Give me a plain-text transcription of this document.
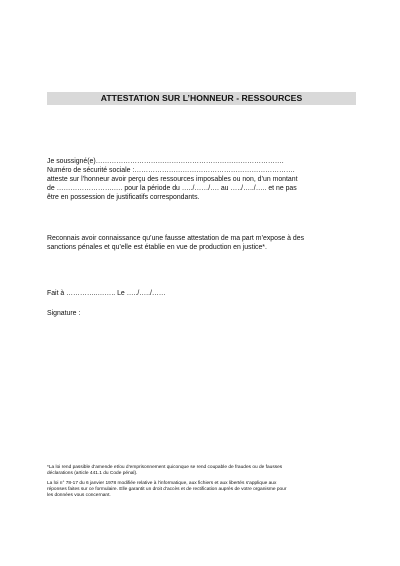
ATTESTATION SUR L’HONNEUR - RESSOURCES
Je soussigné(e)……………………………………………………………………….
Numéro de sécurité sociale :…………………………………………………………….
atteste sur l’honneur avoir perçu des ressources imposables ou non, d’un montant
de …………………….…. pour la période du …../……/…. au …../…../….. et ne pas
être en possession de justificatifs correspondants.
Reconnais avoir connaissance qu’une fausse attestation de ma part m’expose à des
sanctions pénales et qu’elle est établie en vue de production en justice*.
Fait à …………..…….. Le …../…../……
Signature :
*La loi rend passible d’amende et/ou d’emprisonnement quiconque se rend coupable de fraudes ou de fausses
déclarations (article 441.1 du Code pénal).
La loi n° 78-17 du 6 janvier 1978 modifiée relative à l’informatique, aux fichiers et aux libertés s’applique aux
réponses faites sur ce formulaire. Elle garantit un droit d’accès et de rectification auprès de votre organisme pour
les données vous concernant.
